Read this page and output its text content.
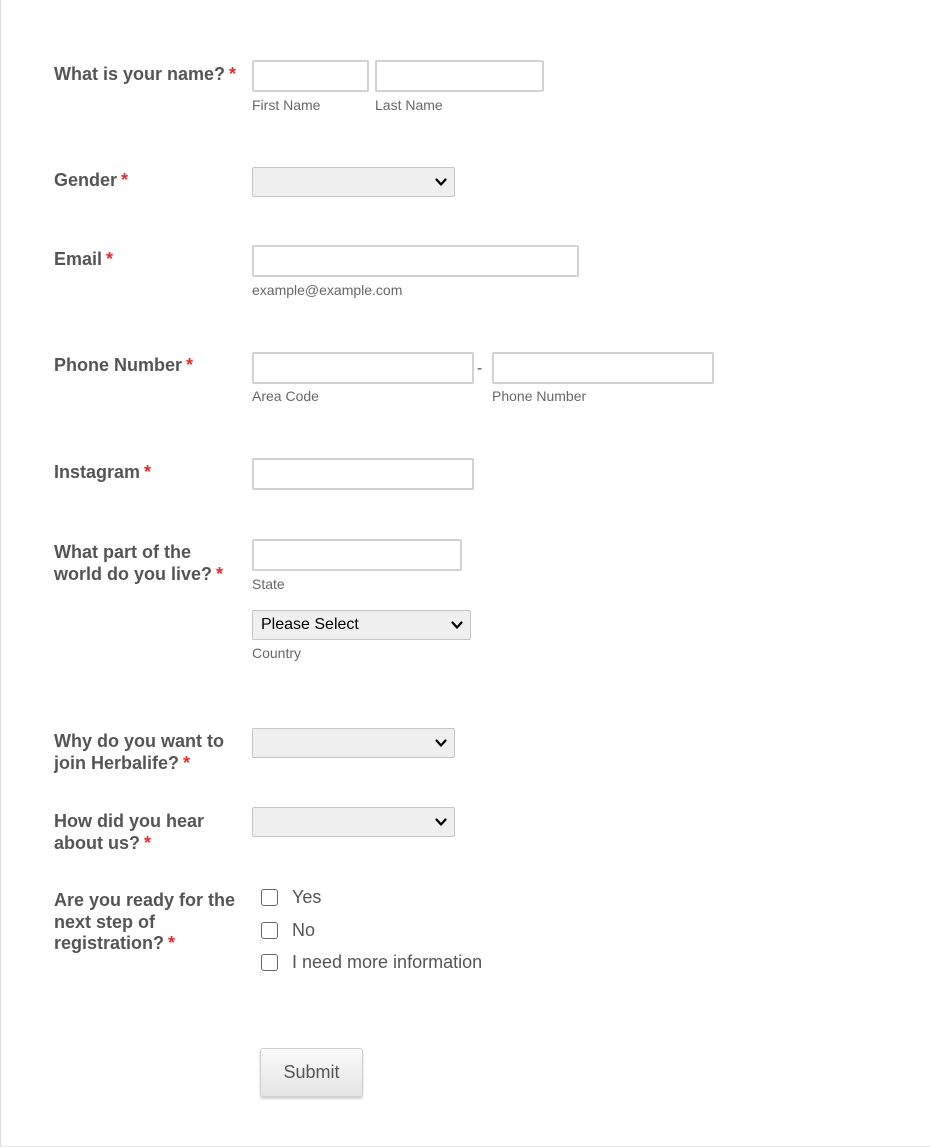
What is your name? *
First Name	Last Name
Gender *
Email *
example@example.com
Phone Number *	-
Area Code	Phone Number
Instagram *
What part of the
world do you live? *
State
Please Select
Country
Why do you want to
join Herbalife? *
How did you hear
about us? *
Are you ready for the
next step of
registration? *
Yes
No
I need more information
Submit
